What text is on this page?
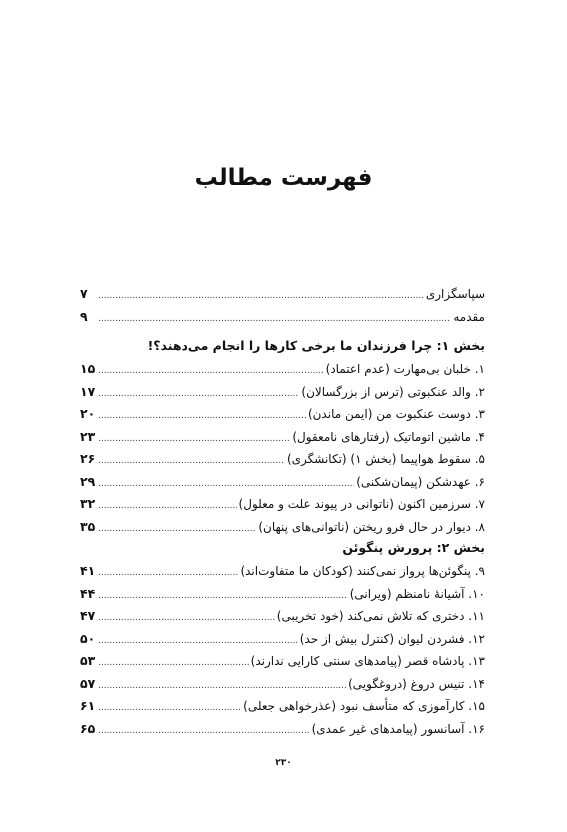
فهرست مطالب
سپاسگزاری
.....
۷
مقدمه
.....
۹
بخش ۱: چرا فرزندان ما برخی کارها را انجام می‌دهند؟!
۱. خلبان بی‌مهارت (عدم اعتماد)
.....
۱۵
۲. والد عنکبوتی (ترس از بزرگسالان)
.....
۱۷
۳. دوست عنکبوت من (ایمن ماندن)
.....
۲۰
۴. ماشین اتوماتیک (رفتارهای نامعقول)
.....
۲۳
۵. سقوط هواپیما (بخش ۱) (تکانشگری)
.....
۲۶
۶. عهدشکن (پیمان‌شکنی)
.....
۲۹
۷. سرزمین اکنون (ناتوانی در پیوند علت و معلول)
.....
۳۲
۸. دیوار در حال فرو ریختن (ناتوانی‌های پنهان)
.....
۳۵
بخش ۲: پرورش پنگوئن
۹. پنگوئن‌ها پرواز نمی‌کنند (کودکان ما متفاوت‌اند)
.....
۴۱
۱۰. آشیانهٔ نامنظم (ویرانی)
.....
۴۴
۱۱. دختری که تلاش نمی‌کند (خود تخریبی)
.....
۴۷
۱۲. فشردن لیوان (کنترل بیش از حد)
.....
۵۰
۱۳. پادشاه قصر (پیامدهای سنتی کارایی ندارند)
.....
۵۳
۱۴. تنیس دروغ (دروغگویی)
.....
۵۷
۱۵. کارآموزی که متأسف نبود (عذرخواهی جعلی)
.....
۶۱
۱۶. آسانسور (پیامدهای غیر عمدی)
.....
۶۵
۲۳۰
